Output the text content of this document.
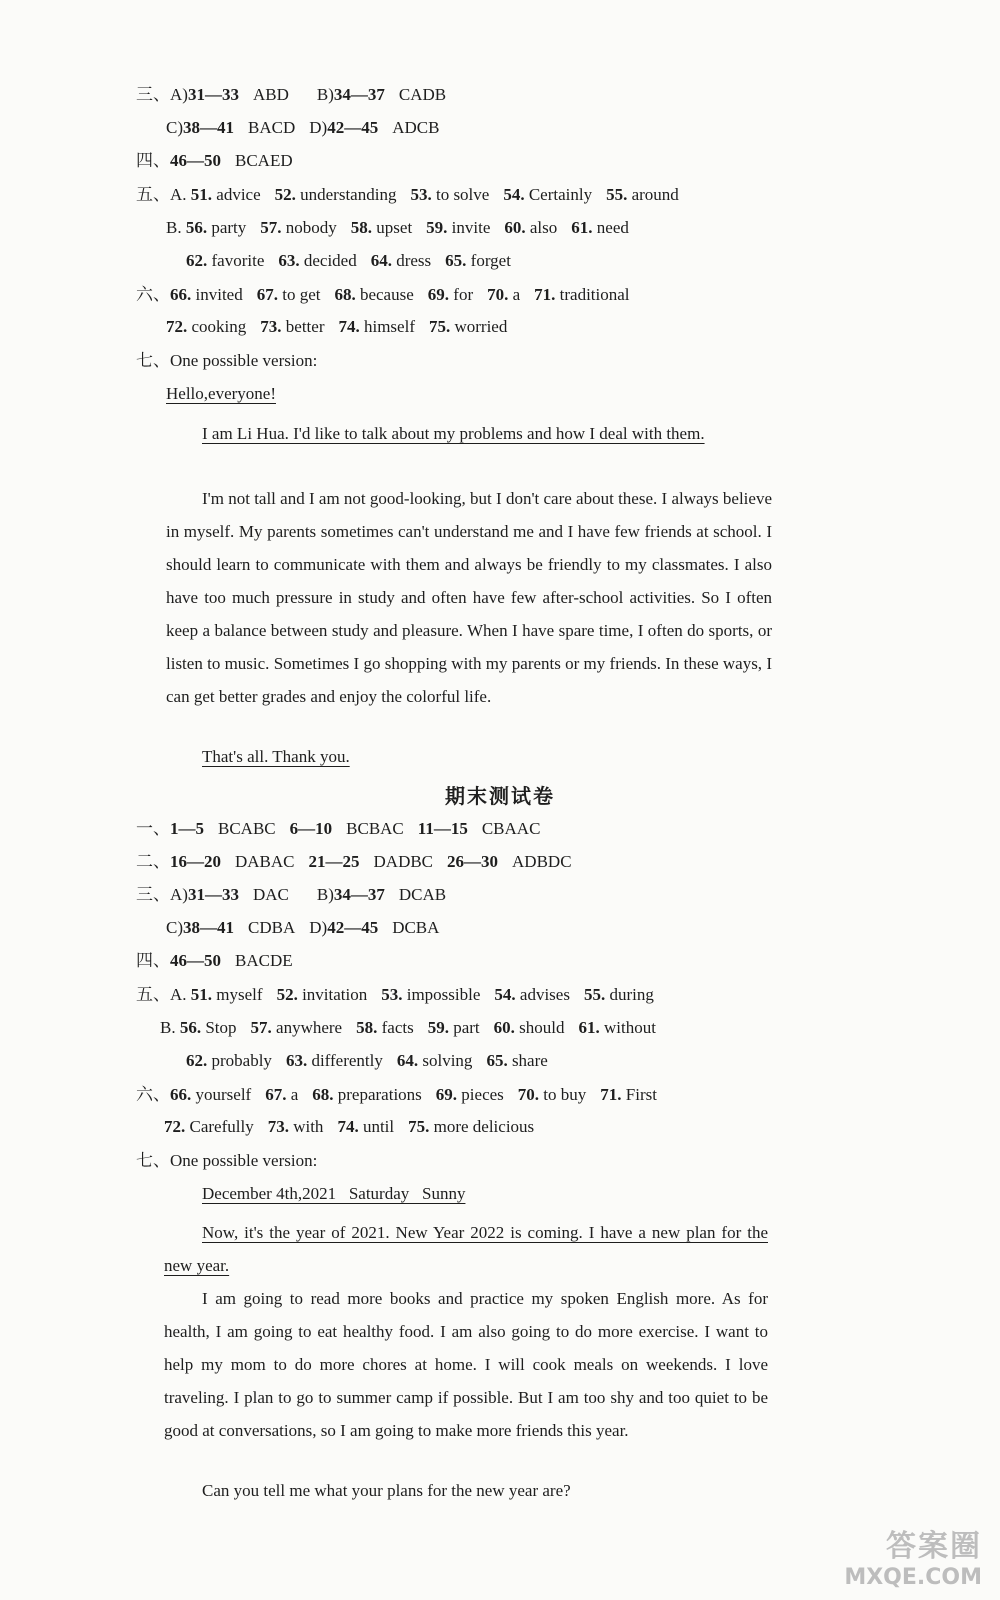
三、A)31—33 ABD B)34—37 CADB
C)38—41 BACD D)42—45 ADCB
四、46—50 BCAED
五、A. 51. advice 52. understanding 53. to solve 54. Certainly 55. around
B. 56. party 57. nobody 58. upset 59. invite 60. also 61. need
62. favorite 63. decided 64. dress 65. forget
六、66. invited 67. to get 68. because 69. for 70. a 71. traditional
72. cooking 73. better 74. himself 75. worried
七、One possible version:
Hello,everyone!
I am Li Hua. I'd like to talk about my problems and how I deal with them.
I'm not tall and I am not good-looking, but I don't care about these. I always believe in myself. My parents sometimes can't understand me and I have few friends at school. I should learn to communicate with them and always be friendly to my classmates. I also have too much pressure in study and often have few after-school activities. So I often keep a balance between study and pleasure. When I have spare time, I often do sports, or listen to music. Sometimes I go shopping with my parents or my friends. In these ways, I can get better grades and enjoy the colorful life.
That's all. Thank you.
期末测试卷
一、1—5 BCABC 6—10 BCBAC 11—15 CBAAC
二、16—20 DABAC 21—25 DADBC 26—30 ADBDC
三、A)31—33 DAC B)34—37 DCAB
C)38—41 CDBA D)42—45 DCBA
四、46—50 BACDE
五、A. 51. myself 52. invitation 53. impossible 54. advises 55. during
B. 56. Stop 57. anywhere 58. facts 59. part 60. should 61. without
62. probably 63. differently 64. solving 65. share
六、66. yourself 67. a 68. preparations 69. pieces 70. to buy 71. First
72. Carefully 73. with 74. until 75. more delicious
七、One possible version:
December 4th,2021   Saturday   Sunny
Now, it's the year of 2021. New Year 2022 is coming. I have a new plan for the new year.
I am going to read more books and practice my spoken English more. As for health, I am going to eat healthy food. I am also going to do more exercise. I want to help my mom to do more chores at home. I will cook meals on weekends. I love traveling. I plan to go to summer camp if possible. But I am too shy and too quiet to be good at conversations, so I am going to make more friends this year.
Can you tell me what your plans for the new year are?
答案圈
MXQE.COM
